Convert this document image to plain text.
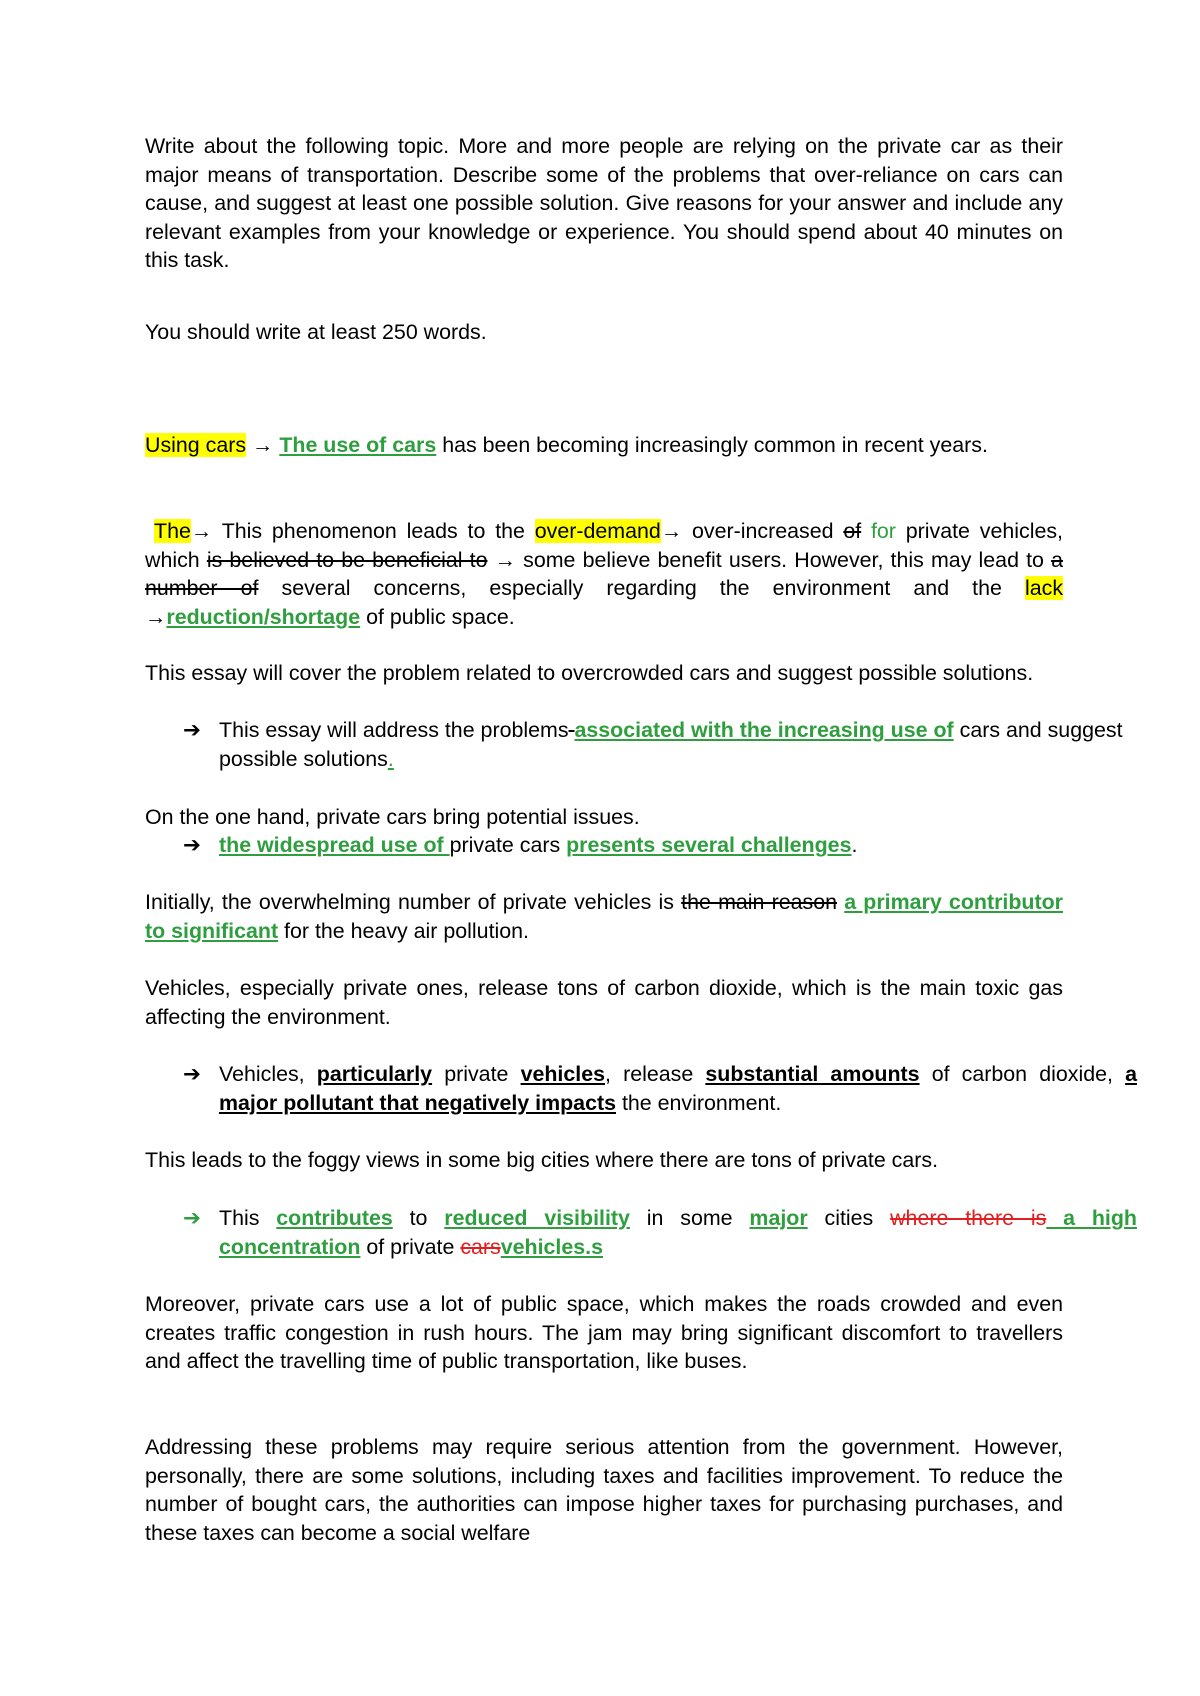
Write about the following topic. More and more people are relying on the private car as their major means of transportation. Describe some of the problems that over-reliance on cars can cause, and suggest at least one possible solution. Give reasons for your answer and include any relevant examples from your knowledge or experience. You should spend about 40 minutes on this task.

You should write at least 250 words.

Using cars → The use of cars has been becoming increasingly common in recent years.

The→ This phenomenon leads to the over-demand→ over-increased of for private vehicles, which is believed to be beneficial to → some believe benefit users. However, this may lead to a number of several concerns, especially regarding the environment and the lack →reduction/shortage of public space.

This essay will cover the problem related to overcrowded cars and suggest possible solutions.

➔ This essay will address the problems associated with the increasing use of cars and suggest possible solutions.

On the one hand, private cars bring potential issues.

➔ the widespread use of private cars presents several challenges.

Initially, the overwhelming number of private vehicles is the main reason a primary contributor to significant for the heavy air pollution.

Vehicles, especially private ones, release tons of carbon dioxide, which is the main toxic gas affecting the environment.

➔ Vehicles, particularly private vehicles, release substantial amounts of carbon dioxide, a major pollutant that negatively impacts the environment.

This leads to the foggy views in some big cities where there are tons of private cars.

➔ This contributes to reduced visibility in some major cities where there is a high concentration of private carsvehicles.s

Moreover, private cars use a lot of public space, which makes the roads crowded and even creates traffic congestion in rush hours. The jam may bring significant discomfort to travellers and affect the travelling time of public transportation, like buses.

Addressing these problems may require serious attention from the government. However, personally, there are some solutions, including taxes and facilities improvement. To reduce the number of bought cars, the authorities can impose higher taxes for purchasing purchases, and these taxes can become a social welfare
